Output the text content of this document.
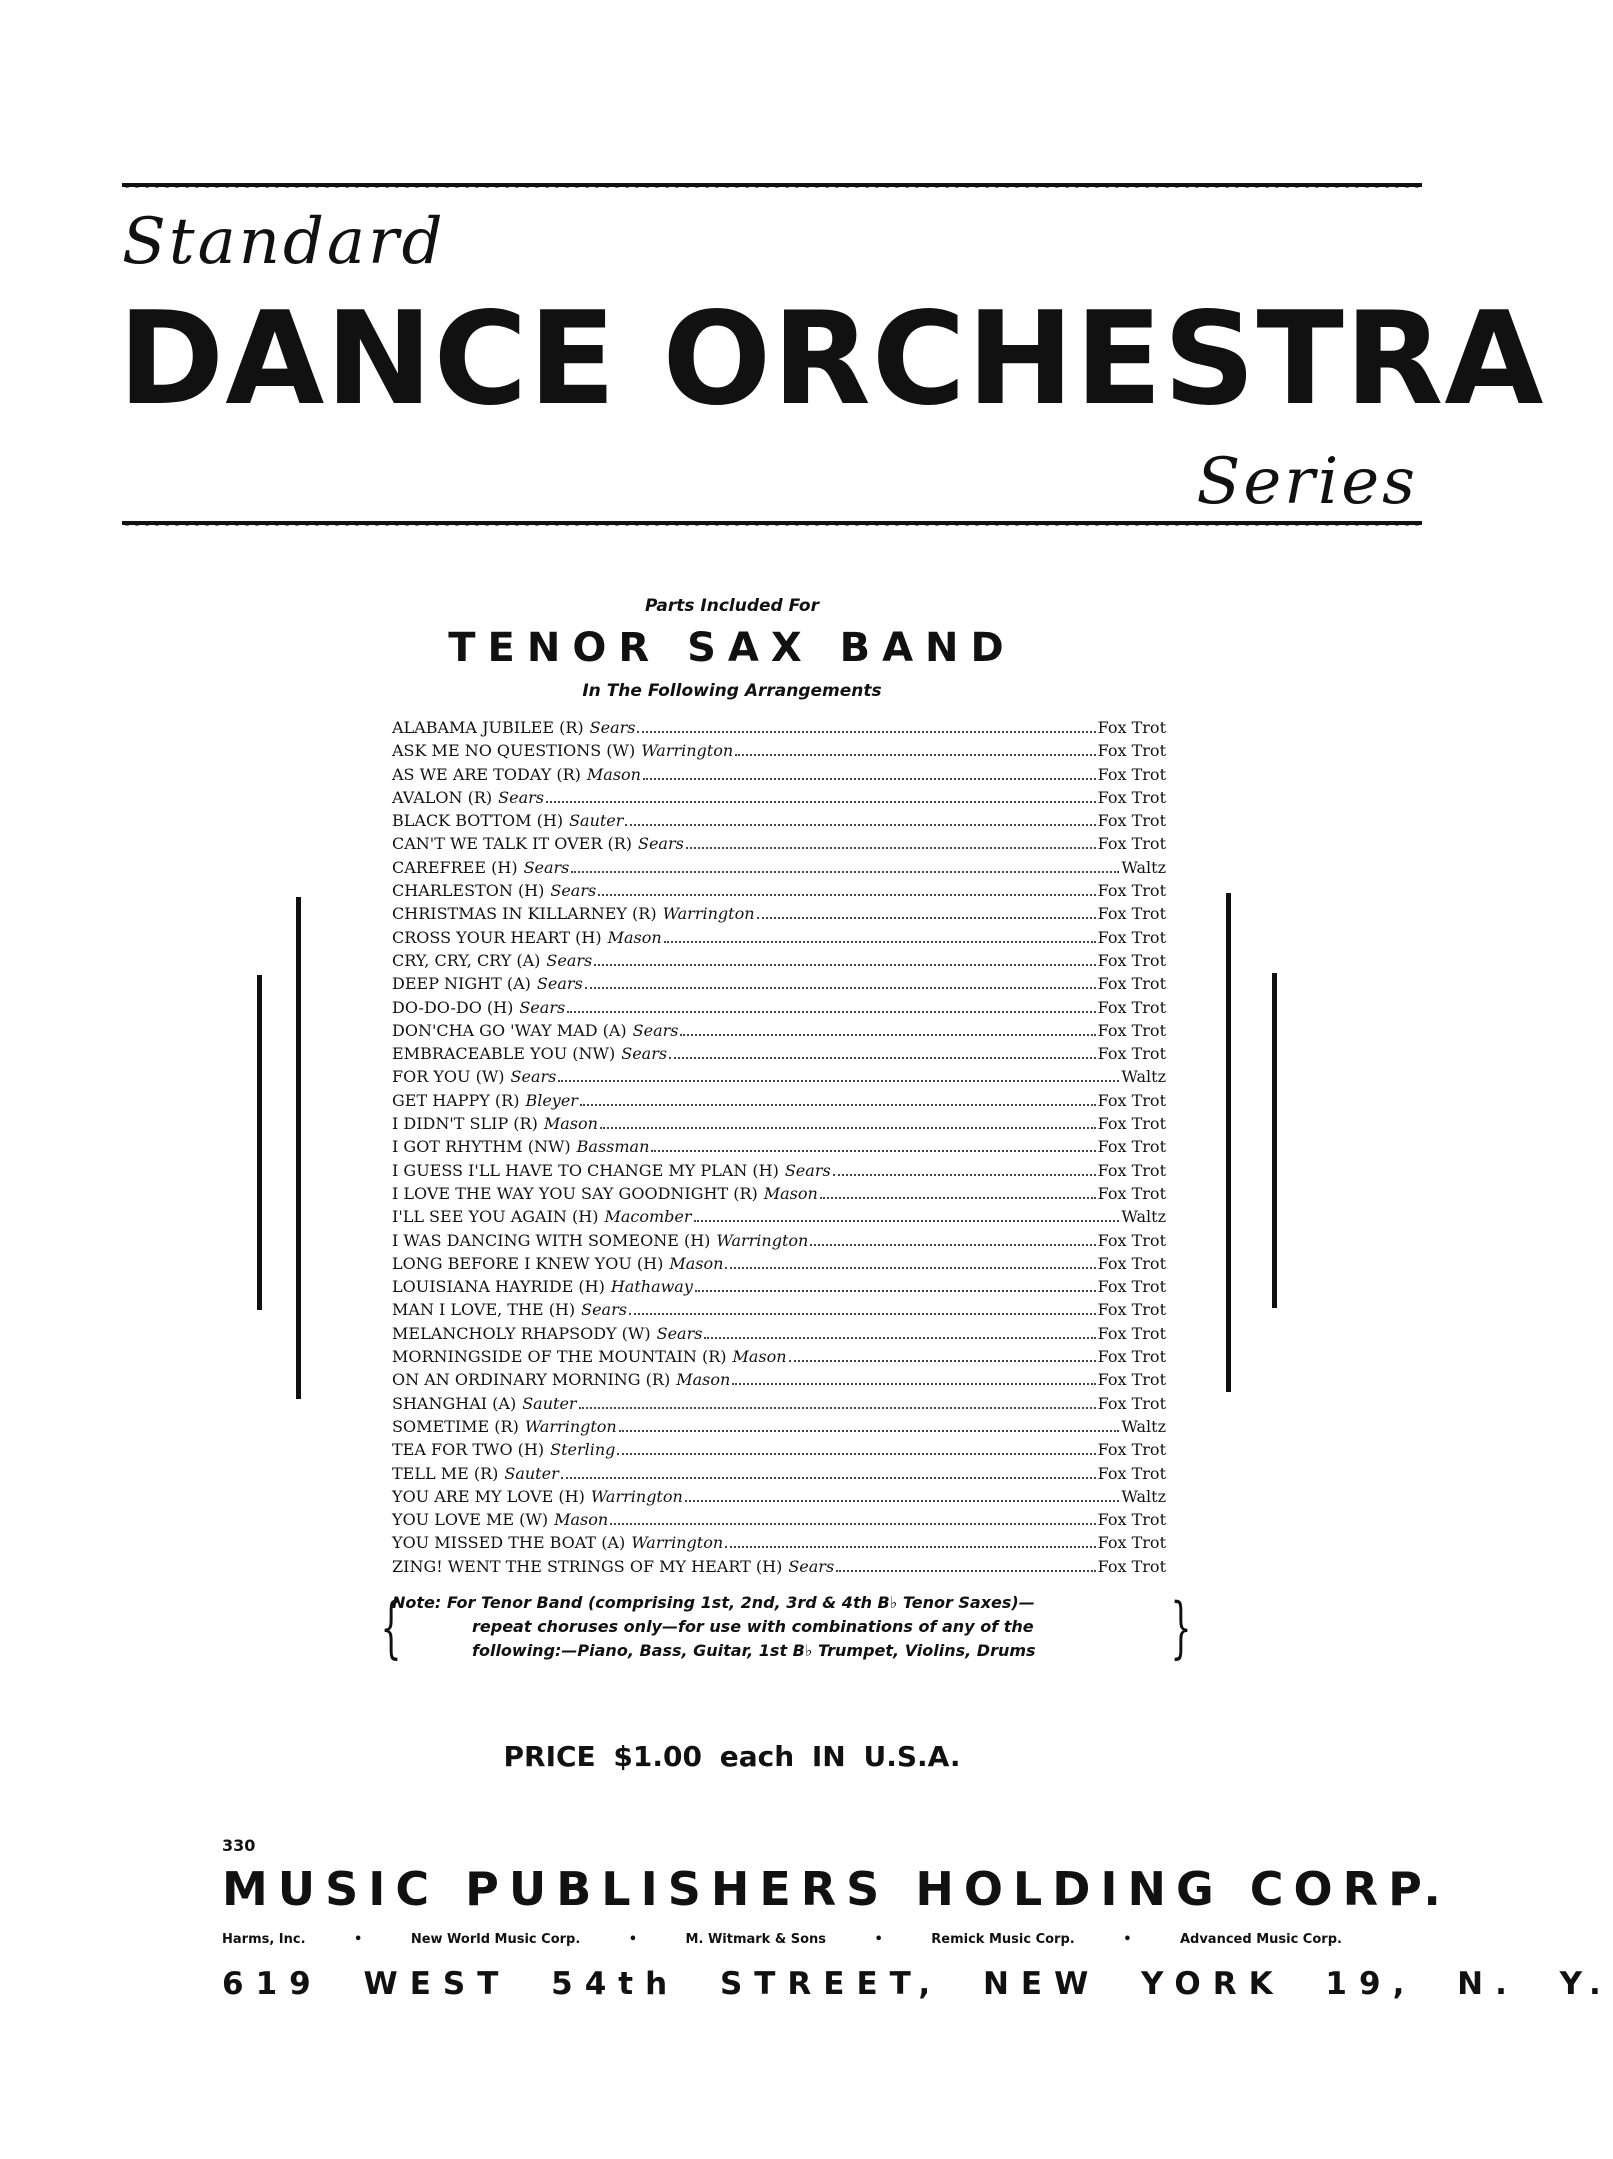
Standard
DANCE ORCHESTRA
Series
Parts Included For
TENOR SAX BAND
In The Following Arrangements
ALABAMA JUBILEE (R) Sears	Fox Trot
ASK ME NO QUESTIONS (W) Warrington	Fox Trot
AS WE ARE TODAY (R) Mason	Fox Trot
AVALON (R) Sears	Fox Trot
BLACK BOTTOM (H) Sauter	Fox Trot
CAN'T WE TALK IT OVER (R) Sears	Fox Trot
CAREFREE (H) Sears	Waltz
CHARLESTON (H) Sears	Fox Trot
CHRISTMAS IN KILLARNEY (R) Warrington	Fox Trot
CROSS YOUR HEART (H) Mason	Fox Trot
CRY, CRY, CRY (A) Sears	Fox Trot
DEEP NIGHT (A) Sears	Fox Trot
DO-DO-DO (H) Sears	Fox Trot
DON'CHA GO 'WAY MAD (A) Sears	Fox Trot
EMBRACEABLE YOU (NW) Sears	Fox Trot
FOR YOU (W) Sears	Waltz
GET HAPPY (R) Bleyer	Fox Trot
I DIDN'T SLIP (R) Mason	Fox Trot
I GOT RHYTHM (NW) Bassman	Fox Trot
I GUESS I'LL HAVE TO CHANGE MY PLAN (H) Sears	Fox Trot
I LOVE THE WAY YOU SAY GOODNIGHT (R) Mason	Fox Trot
I'LL SEE YOU AGAIN (H) Macomber	Waltz
I WAS DANCING WITH SOMEONE (H) Warrington	Fox Trot
LONG BEFORE I KNEW YOU (H) Mason	Fox Trot
LOUISIANA HAYRIDE (H) Hathaway	Fox Trot
MAN I LOVE, THE (H) Sears	Fox Trot
MELANCHOLY RHAPSODY (W) Sears	Fox Trot
MORNINGSIDE OF THE MOUNTAIN (R) Mason	Fox Trot
ON AN ORDINARY MORNING (R) Mason	Fox Trot
SHANGHAI (A) Sauter	Fox Trot
SOMETIME (R) Warrington	Waltz
TEA FOR TWO (H) Sterling	Fox Trot
TELL ME (R) Sauter	Fox Trot
YOU ARE MY LOVE (H) Warrington	Waltz
YOU LOVE ME (W) Mason	Fox Trot
YOU MISSED THE BOAT (A) Warrington	Fox Trot
ZING! WENT THE STRINGS OF MY HEART (H) Sears	Fox Trot
{
Note: For Tenor Band (comprising 1st, 2nd, 3rd & 4th B♭ Tenor Saxes)—
repeat choruses only—for use with combinations of any of the
following:—Piano, Bass, Guitar, 1st B♭ Trumpet, Violins, Drums	}
PRICE $1.00 each IN U.S.A.
330
MUSIC PUBLISHERS HOLDING CORP.
Harms, Inc.	•	New World Music Corp.	•	M. Witmark & Sons	•	Remick Music Corp.	•	Advanced Music Corp.
619 WEST 54th STREET, NEW YORK 19, N. Y.
